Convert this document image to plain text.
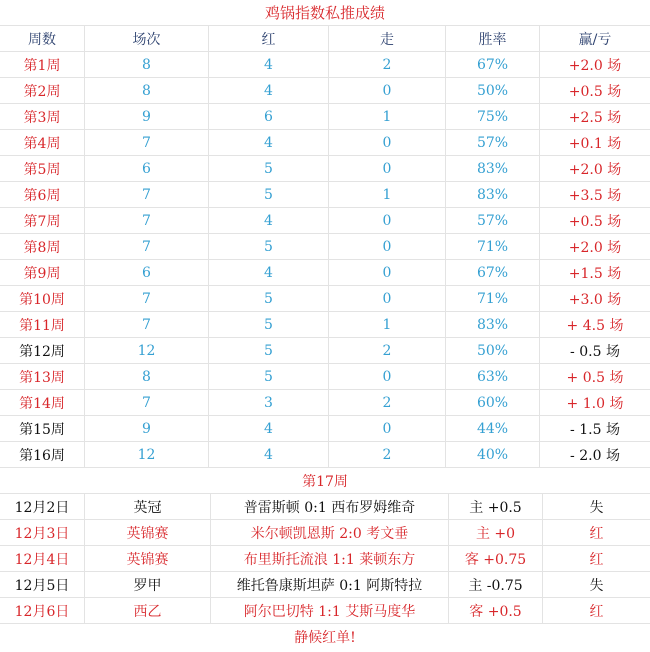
鸡锅指数私推成绩
周数	场次	红	走	胜率	赢/亏
第1周	8	4	2	67%	+2.0 场
第2周	8	4	0	50%	+0.5 场
第3周	9	6	1	75%	+2.5 场
第4周	7	4	0	57%	+0.1 场
第5周	6	5	0	83%	+2.0 场
第6周	7	5	1	83%	+3.5 场
第7周	7	4	0	57%	+0.5 场
第8周	7	5	0	71%	+2.0 场
第9周	6	4	0	67%	+1.5 场
第10周	7	5	0	71%	+3.0 场
第11周	7	5	1	83%	+ 4.5 场
第12周	12	5	2	50%	- 0.5 场
第13周	8	5	0	63%	+ 0.5 场
第14周	7	3	2	60%	+ 1.0 场
第15周	9	4	0	44%	- 1.5 场
第16周	12	4	2	40%	- 2.0 场
第17周
12月2日	英冠	普雷斯顿 0:1 西布罗姆维奇	主 +0.5	失
12月3日	英锦赛	米尔顿凯恩斯 2:0 考文垂	主 +0	红
12月4日	英锦赛	布里斯托流浪 1:1 莱顿东方	客 +0.75	红
12月5日	罗甲	维托鲁康斯坦萨 0:1 阿斯特拉	主 -0.75	失
12月6日	西乙	阿尔巴切特 1:1 艾斯马度华	客 +0.5	红
静候红单!
